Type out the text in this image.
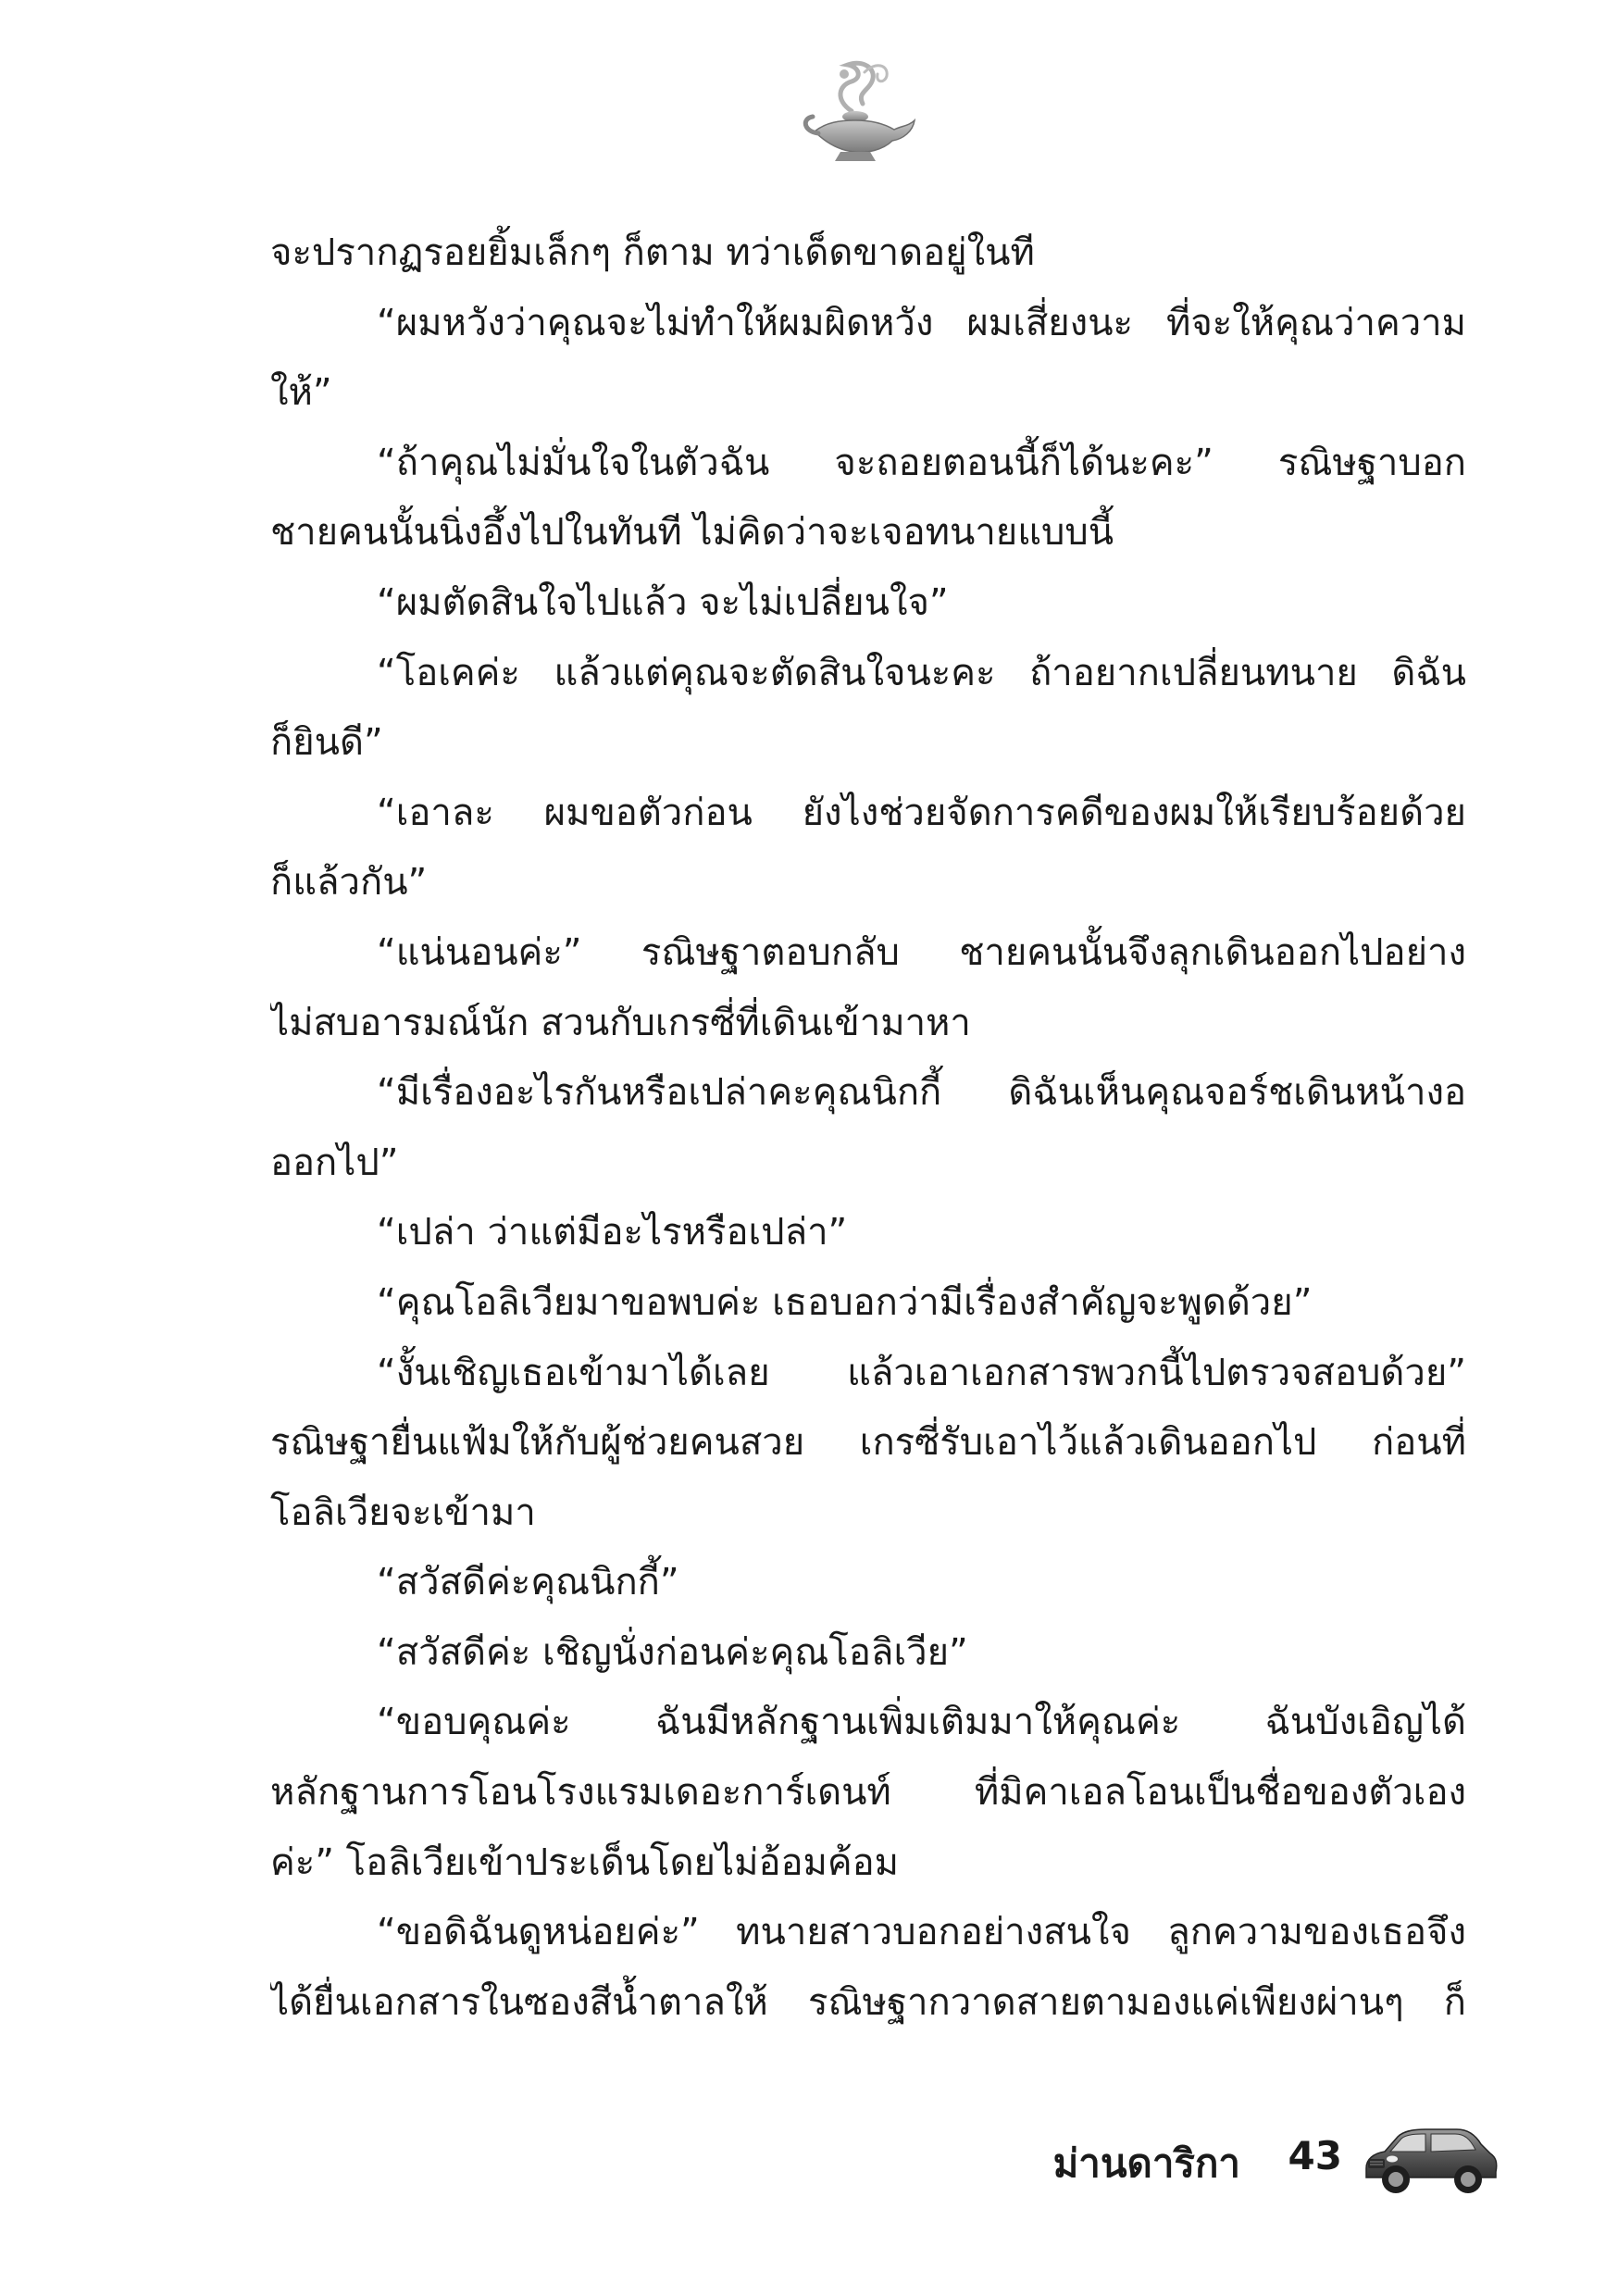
จะปรากฏรอยยิ้มเล็กๆ ก็ตาม ทว่าเด็ดขาดอยู่ในที
“ผมหวังว่าคุณจะไม่ทำให้ผมผิดหวัง ผมเสี่ยงนะ ที่จะให้คุณว่าความ
ให้”
“ถ้าคุณไม่มั่นใจในตัวฉัน จะถอยตอนนี้ก็ได้นะคะ” รณิษฐาบอก
ชายคนนั้นนิ่งอึ้งไปในทันที ไม่คิดว่าจะเจอทนายแบบนี้
“ผมตัดสินใจไปแล้ว จะไม่เปลี่ยนใจ”
“โอเคค่ะ แล้วแต่คุณจะตัดสินใจนะคะ ถ้าอยากเปลี่ยนทนาย ดิฉัน
ก็ยินดี”
“เอาละ ผมขอตัวก่อน ยังไงช่วยจัดการคดีของผมให้เรียบร้อยด้วย
ก็แล้วกัน”
“แน่นอนค่ะ” รณิษฐาตอบกลับ ชายคนนั้นจึงลุกเดินออกไปอย่าง
ไม่สบอารมณ์นัก สวนกับเกรซี่ที่เดินเข้ามาหา
“มีเรื่องอะไรกันหรือเปล่าคะคุณนิกกี้ ดิฉันเห็นคุณจอร์ชเดินหน้างอ
ออกไป”
“เปล่า ว่าแต่มีอะไรหรือเปล่า”
“คุณโอลิเวียมาขอพบค่ะ เธอบอกว่ามีเรื่องสำคัญจะพูดด้วย”
“งั้นเชิญเธอเข้ามาได้เลย แล้วเอาเอกสารพวกนี้ไปตรวจสอบด้วย”
รณิษฐายื่นแฟ้มให้กับผู้ช่วยคนสวย เกรซี่รับเอาไว้แล้วเดินออกไป ก่อนที่
โอลิเวียจะเข้ามา
“สวัสดีค่ะคุณนิกกี้”
“สวัสดีค่ะ เชิญนั่งก่อนค่ะคุณโอลิเวีย”
“ขอบคุณค่ะ ฉันมีหลักฐานเพิ่มเติมมาให้คุณค่ะ ฉันบังเอิญได้
หลักฐานการโอนโรงแรมเดอะการ์เดนท์ ที่มิคาเอลโอนเป็นชื่อของตัวเอง
ค่ะ” โอลิเวียเข้าประเด็นโดยไม่อ้อมค้อม
“ขอดิฉันดูหน่อยค่ะ” ทนายสาวบอกอย่างสนใจ ลูกความของเธอจึง
ได้ยื่นเอกสารในซองสีน้ำตาลให้ รณิษฐากวาดสายตามองแค่เพียงผ่านๆ ก็
ม่านดาริกา 43
